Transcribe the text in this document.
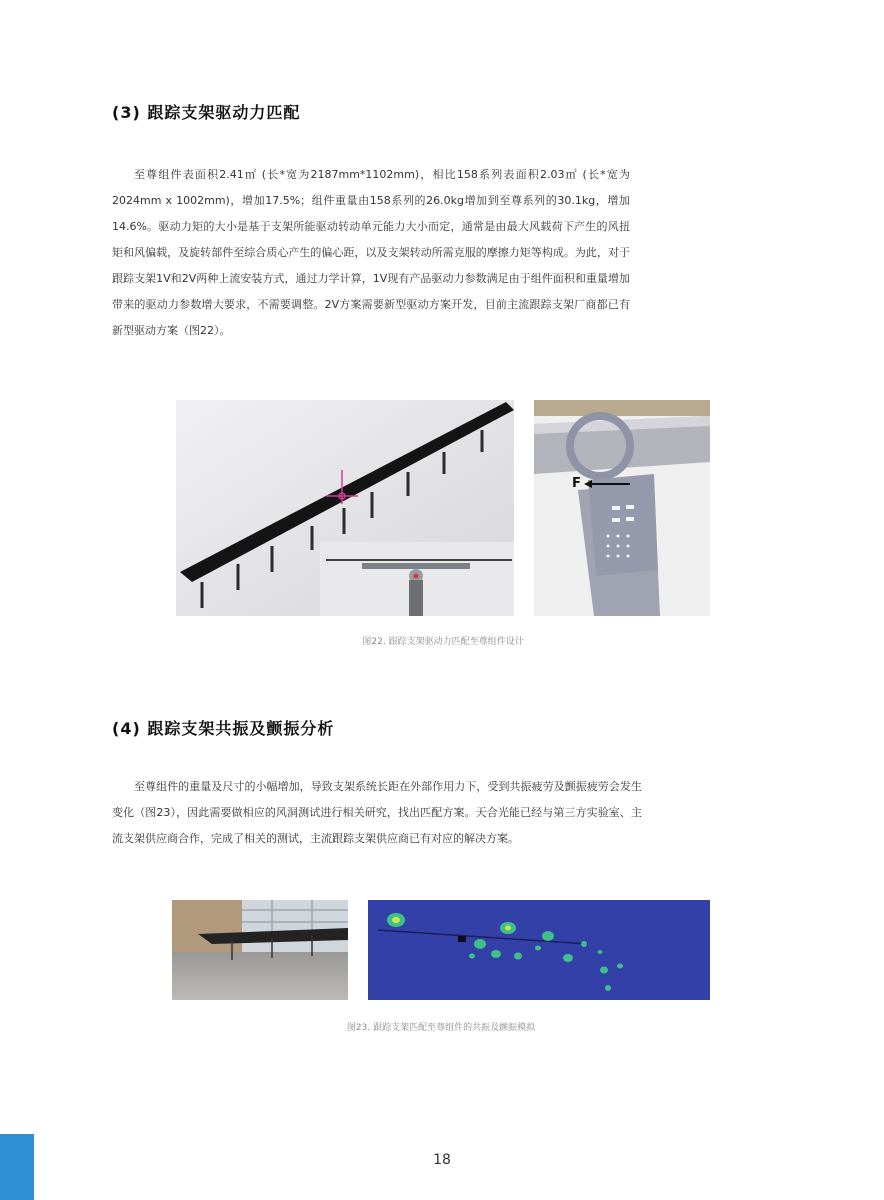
(3) 跟踪支架驱动力匹配

至尊组件表面积2.41㎡ (长*宽为2187mm*1102mm)，相比158系列表面积2.03㎡ (长*宽为2024mm x 1002mm)，增加17.5%；组件重量由158系列的26.0kg增加到至尊系列的30.1kg，增加14.6%。驱动力矩的大小是基于支架所能驱动转动单元能力大小而定，通常是由最大风载荷下产生的风扭矩和风偏载，及旋转部件至综合质心产生的偏心距，以及支架转动所需克服的摩擦力矩等构成。为此，对于跟踪支架1V和2V两种上流安装方式，通过力学计算，1V现有产品驱动力参数满足由于组件面积和重量增加带来的驱动力参数增大要求，不需要调整。2V方案需要新型驱动方案开发，目前主流跟踪支架厂商都已有新型驱动方案（图22）。

F

图22. 跟踪支架驱动力匹配至尊组件设计

(4) 跟踪支架共振及颤振分析

至尊组件的重量及尺寸的小幅增加，导致支架系统长距在外部作用力下，受到共振疲劳及颤振疲劳会发生变化（图23），因此需要做相应的风洞测试进行相关研究，找出匹配方案。天合光能已经与第三方实验室、主流支架供应商合作，完成了相关的测试，主流跟踪支架供应商已有对应的解决方案。

图23. 跟踪支架匹配至尊组件的共振及颤振模拟

18
